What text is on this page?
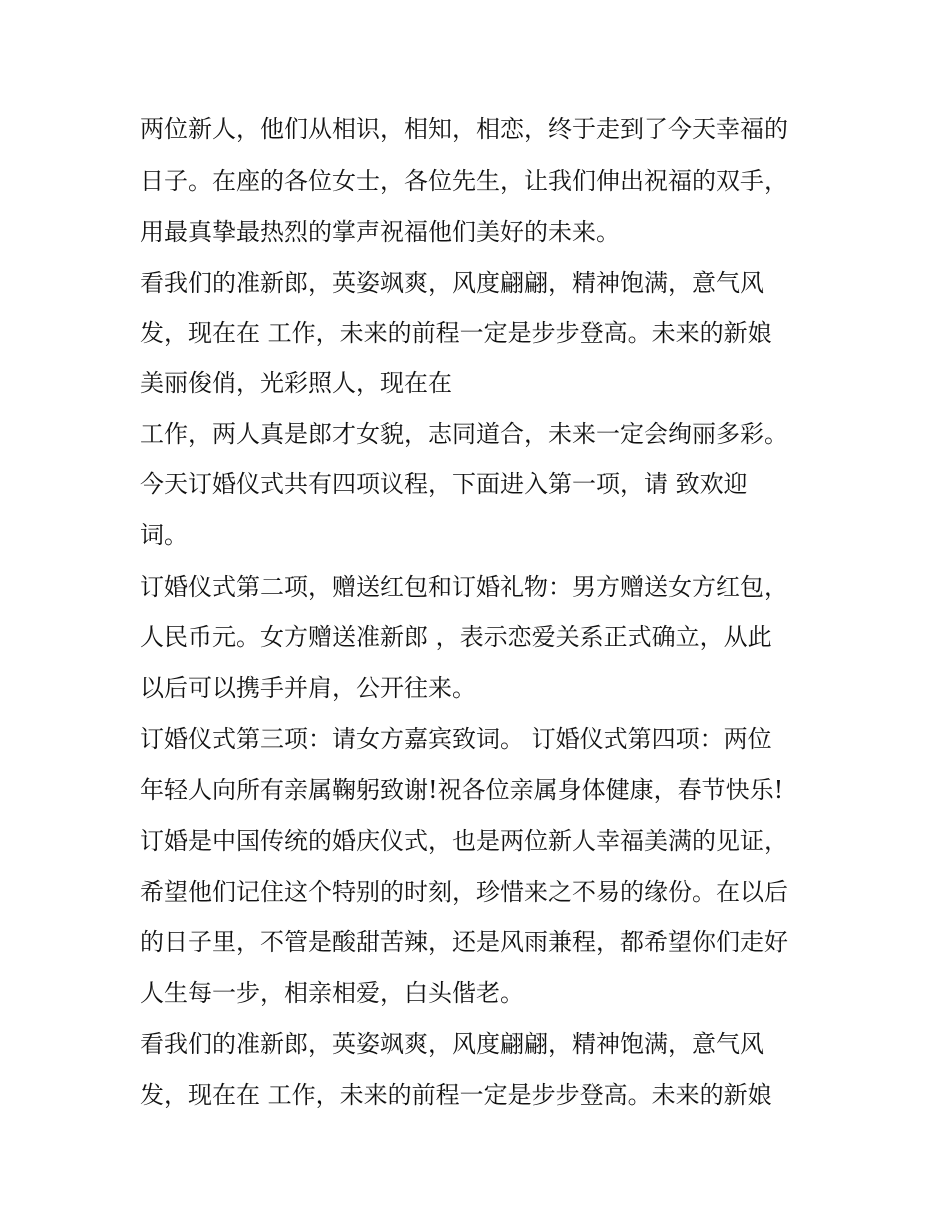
两位新人，他们从相识，相知，相恋，终于走到了今天幸福的
日子。在座的各位女士，各位先生，让我们伸出祝福的双手，
用最真挚最热烈的掌声祝福他们美好的未来。
看我们的准新郎，英姿飒爽，风度翩翩，精神饱满，意气风
发，现在在 工作，未来的前程一定是步步登高。未来的新娘
美丽俊俏，光彩照人，现在在
工作，两人真是郎才女貌，志同道合，未来一定会绚丽多彩。
今天订婚仪式共有四项议程，下面进入第一项，请 致欢迎
词。
订婚仪式第二项，赠送红包和订婚礼物：男方赠送女方红包，
人民币元。女方赠送准新郎 ，表示恋爱关系正式确立，从此
以后可以携手并肩，公开往来。
订婚仪式第三项：请女方嘉宾致词。 订婚仪式第四项：两位
年轻人向所有亲属鞠躬致谢!祝各位亲属身体健康，春节快乐!
订婚是中国传统的婚庆仪式，也是两位新人幸福美满的见证，
希望他们记住这个特别的时刻，珍惜来之不易的缘份。在以后
的日子里，不管是酸甜苦辣，还是风雨兼程，都希望你们走好
人生每一步，相亲相爱，白头偕老。
看我们的准新郎，英姿飒爽，风度翩翩，精神饱满，意气风
发，现在在 工作，未来的前程一定是步步登高。未来的新娘
